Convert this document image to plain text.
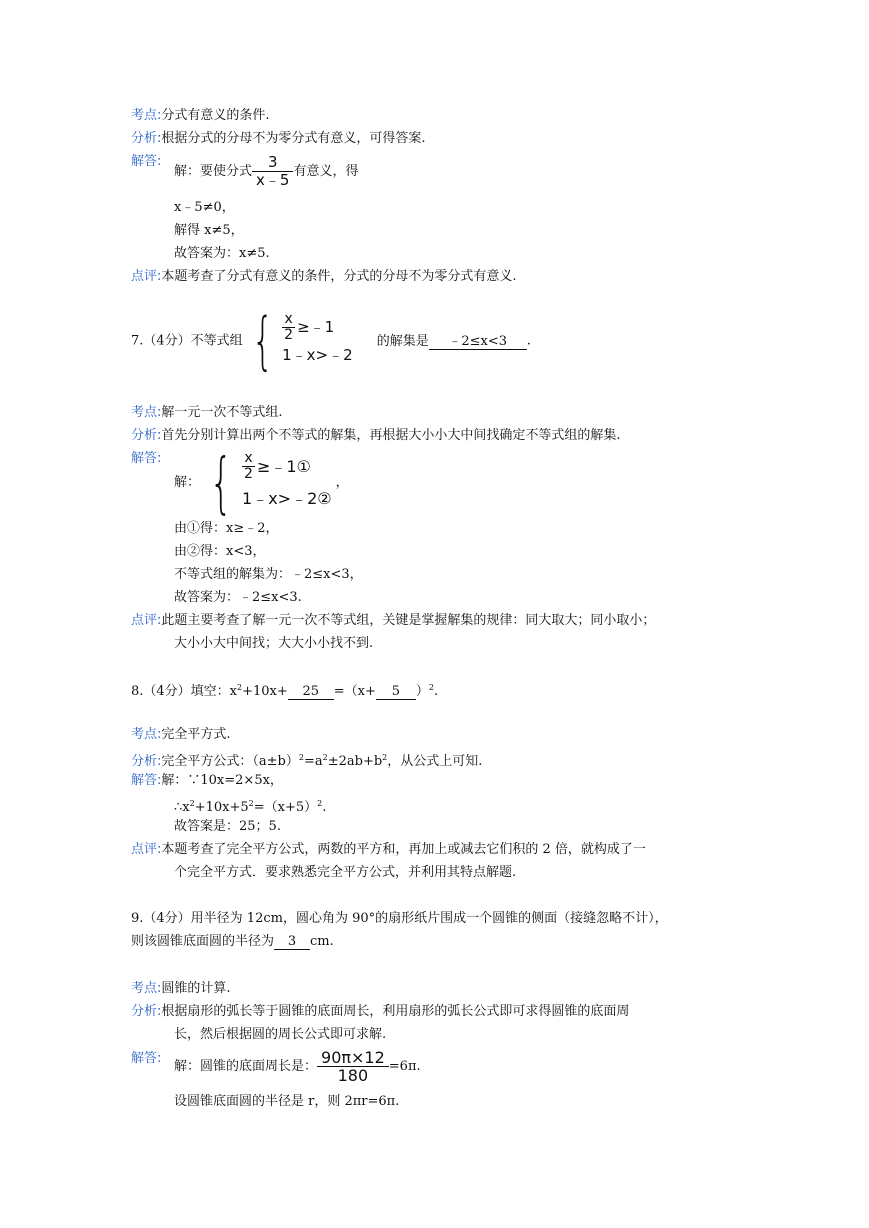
考点:分式有意义的条件.
分析:根据分式的分母不为零分式有意义，可得答案.
解答:
解：要使分式 $\frac{3}{x﹣5}$ 有意义，得
x﹣5≠0，
解得 x≠5，
故答案为：x≠5.
点评:本题考查了分式有意义的条件，分式的分母不为零分式有意义.
7.（4分）不等式组 { $\frac{x}{2}$ ≥﹣1
1﹣x>﹣2
的解集是 ﹣2≤x<3 .
考点:解一元一次不等式组.
分析:首先分别计算出两个不等式的解集，再根据大小小大中间找确定不等式组的解集.
解答:
解： { $\frac{x}{2}$ ≥﹣1①
1﹣x>﹣2②
，
由①得：x≥﹣2，
由②得：x<3，
不等式组的解集为：﹣2≤x<3，
故答案为：﹣2≤x<3.
点评:此题主要考查了解一元一次不等式组，关键是掌握解集的规律：同大取大；同小取小；
大小小大中间找；大大小小找不到.
8.（4分）填空：$x^2+10x+ 25 =(x+ 5$ ）$^2$.
考点:完全平方式.
分析:完全平方公式：$(a\pm b)^2=a^2\pm 2ab+b^2$，从公式上可知.
解答:解：∵10x=2×5x，
$\therefore x^2+10x+5^2=(x+5)^2$.
故答案是：25；5.
点评:本题考查了完全平方公式，两数的平方和，再加上或减去它们积的 2 倍，就构成了一
个完全平方式．要求熟悉完全平方公式，并利用其特点解题.
9.（4分）用半径为 12cm，圆心角为 90°的扇形纸片围成一个圆锥的侧面（接缝忽略不计），
则该圆锥底面圆的半径为 3 cm.
考点:圆锥的计算.
分析:根据扇形的弧长等于圆锥的底面周长，利用扇形的弧长公式即可求得圆锥的底面周
长，然后根据圆的周长公式即可求解.
解答:
解：圆锥的底面周长是： $\frac{90\pi\times 12}{180} =6\pi$.
设圆锥底面圆的半径是 r，则 2πr=6π.
